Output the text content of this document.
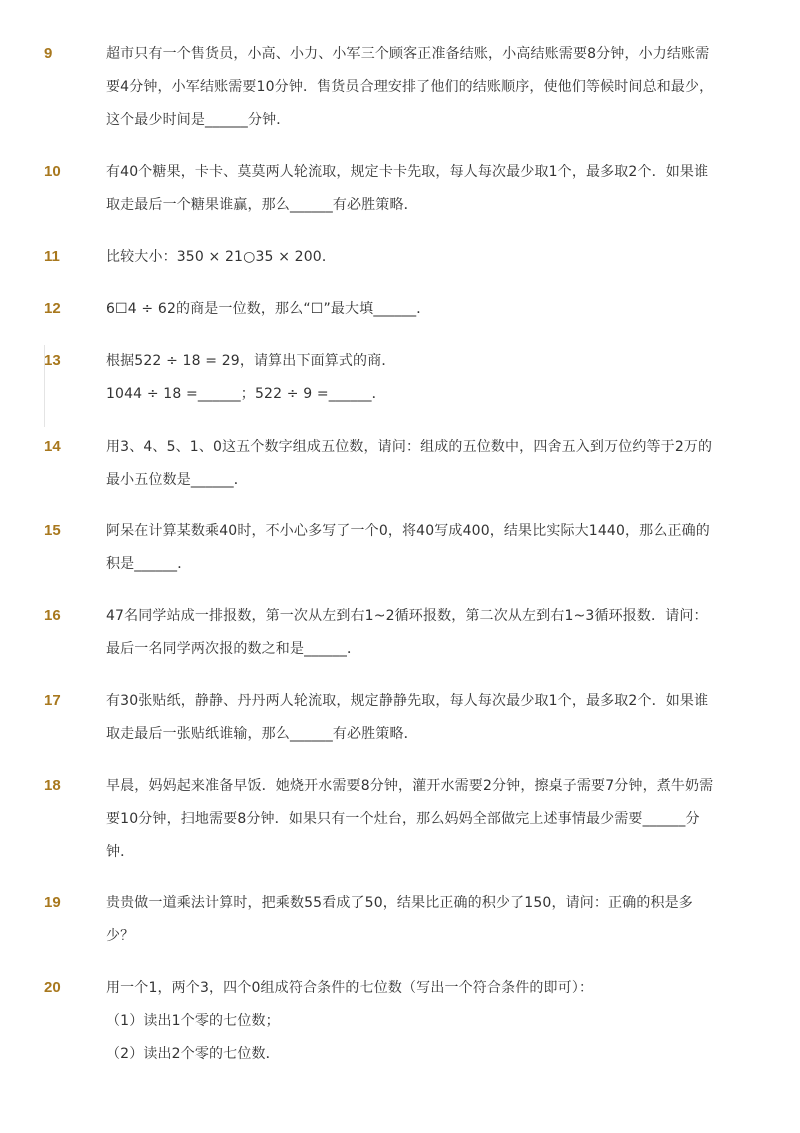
9	超市只有一个售货员，小高、小力、小军三个顾客正准备结账，小高结账需要8分钟，小力结账需
要4分钟，小军结账需要10分钟．售货员合理安排了他们的结账顺序，使他们等候时间总和最少，
这个最少时间是______分钟．
10	有40个糖果，卡卡、莫莫两人轮流取，规定卡卡先取，每人每次最少取1个，最多取2个．如果谁
取走最后一个糖果谁赢，那么______有必胜策略．
11	比较大小：350 × 21○35 × 200．
12	6☐4 ÷ 62的商是一位数，那么“☐”最大填______．
13	根据522 ÷ 18 = 29，请算出下面算式的商．
1044 ÷ 18 =______；522 ÷ 9 =______．
14	用3、4、5、1、0这五个数字组成五位数，请问：组成的五位数中，四舍五入到万位约等于2万的
最小五位数是______．
15	阿呆在计算某数乘40时，不小心多写了一个0，将40写成400，结果比实际大1440，那么正确的
积是______．
16	47名同学站成一排报数，第一次从左到右1~2循环报数，第二次从左到右1~3循环报数．请问：
最后一名同学两次报的数之和是______．
17	有30张贴纸，静静、丹丹两人轮流取，规定静静先取，每人每次最少取1个，最多取2个．如果谁
取走最后一张贴纸谁输，那么______有必胜策略．
18	早晨，妈妈起来准备早饭．她烧开水需要8分钟，灌开水需要2分钟，擦桌子需要7分钟，煮牛奶需
要10分钟，扫地需要8分钟．如果只有一个灶台，那么妈妈全部做完上述事情最少需要______分
钟．
19	贵贵做一道乘法计算时，把乘数55看成了50，结果比正确的积少了150，请问：正确的积是多
少？
20	用一个1，两个3，四个0组成符合条件的七位数（写出一个符合条件的即可）：
（1）读出1个零的七位数；
（2）读出2个零的七位数．
